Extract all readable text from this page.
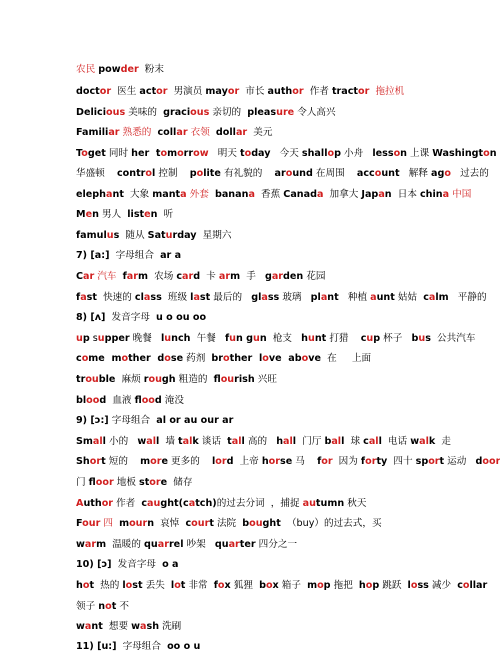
农民 powder  粉末
doctor  医生 actor  男演员 mayor  市长 author  作者 tractor  拖拉机
Delicious 美味的  gracious 亲切的  pleasure 令人高兴
Familiar 熟悉的  collar 衣领  dollar  美元
Toget 同时 her  tomorrow   明天 today   今天 shallop 小舟   lesson 上课 Washington
华盛顿    control 控制    polite 有礼貌的    around 在周围    account   解释 ago   过去的
elephant  大象 manta 外套  banana  香蕉 Canada  加拿大 Japan  日本 china 中国
Men 男人  listen  听
famulus  随从 Saturday  星期六
7) [a:]  字母组合  ar a
Car 汽车  farm  农场 card  卡 arm  手   garden 花园
fast  快速的 class  班级 last 最后的   glass 玻璃   plant   种植 aunt 姑姑  calm   平静的
8) [ʌ]  发音字母  u o ou oo
up supper 晚餐   lunch  午餐   fun gun  枪支   hunt 打猎    cup 杯子   bus  公共汽车
come  mother  dose 药剂  brother  love  above  在     上面
trouble  麻烦 rough 粗造的  flourish 兴旺
blood  血液 flood 淹没
9) [ɔ:] 字母组合  al or au our ar
Small 小的   wall  墙 talk 谈话  tall 高的   hall  门厅 ball  球 call  电话 walk  走
Short 短的    more 更多的    lord  上帝 horse 马    for  因为 forty  四十 sport 运动   door
门 floor 地板 store  储存
Author 作者  caught(catch)的过去分词  ，捕捉 autumn 秋天
Four 四  mourn  哀悼  court 法院  bought  （buy）的过去式，买
warm  温暖的 quarrel 吵架   quarter 四分之一
10) [ɔ]  发音字母  o a
hot  热的 lost 丢失  lot 非常  fox 狐狸  box 箱子  mop 拖把  hop 跳跃  loss 减少  collar
领子 not 不
want  想要 wash 洗刷
11) [u:]  字母组合  oo o u
